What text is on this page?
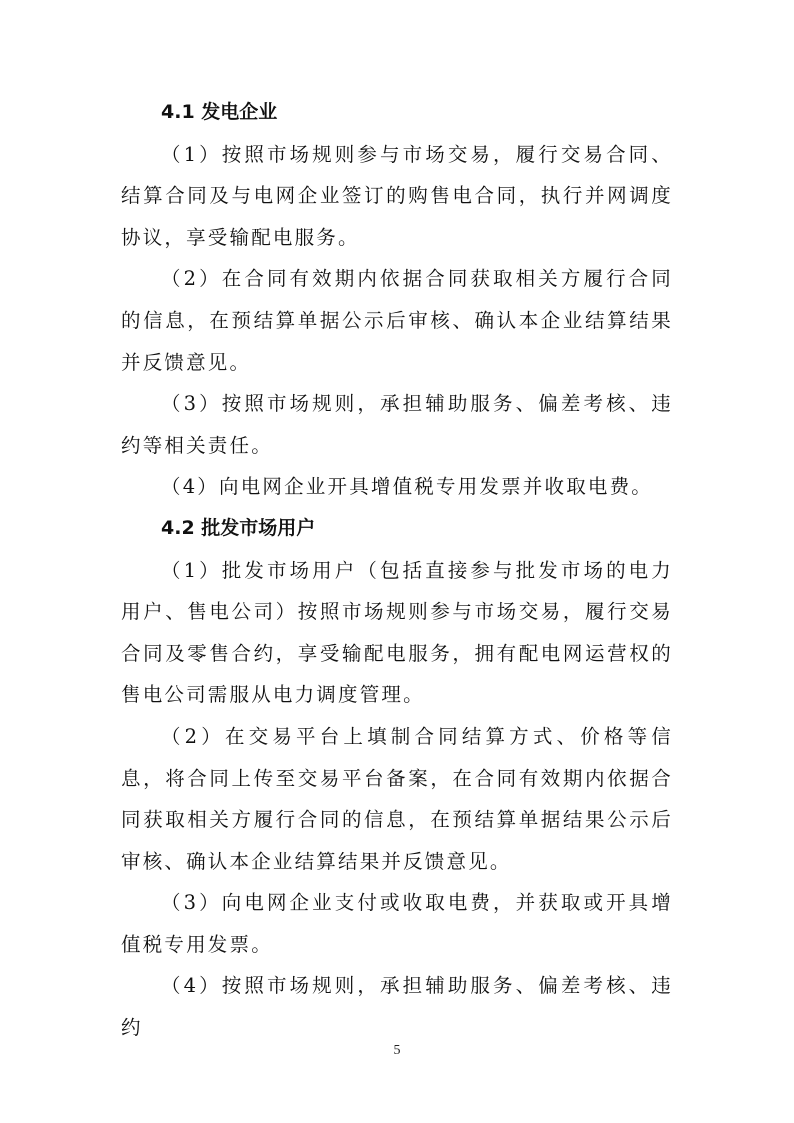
4.1 发电企业

（1）按照市场规则参与市场交易，履行交易合同、结算合同及与电网企业签订的购售电合同，执行并网调度协议，享受输配电服务。

（2）在合同有效期内依据合同获取相关方履行合同的信息，在预结算单据公示后审核、确认本企业结算结果并反馈意见。

（3）按照市场规则，承担辅助服务、偏差考核、违约等相关责任。

（4）向电网企业开具增值税专用发票并收取电费。

4.2 批发市场用户

（1）批发市场用户（包括直接参与批发市场的电力用户、售电公司）按照市场规则参与市场交易，履行交易合同及零售合约，享受输配电服务，拥有配电网运营权的售电公司需服从电力调度管理。

（2）在交易平台上填制合同结算方式、价格等信息，将合同上传至交易平台备案，在合同有效期内依据合同获取相关方履行合同的信息，在预结算单据结果公示后审核、确认本企业结算结果并反馈意见。

（3）向电网企业支付或收取电费，并获取或开具增值税专用发票。

（4）按照市场规则，承担辅助服务、偏差考核、违约

5
